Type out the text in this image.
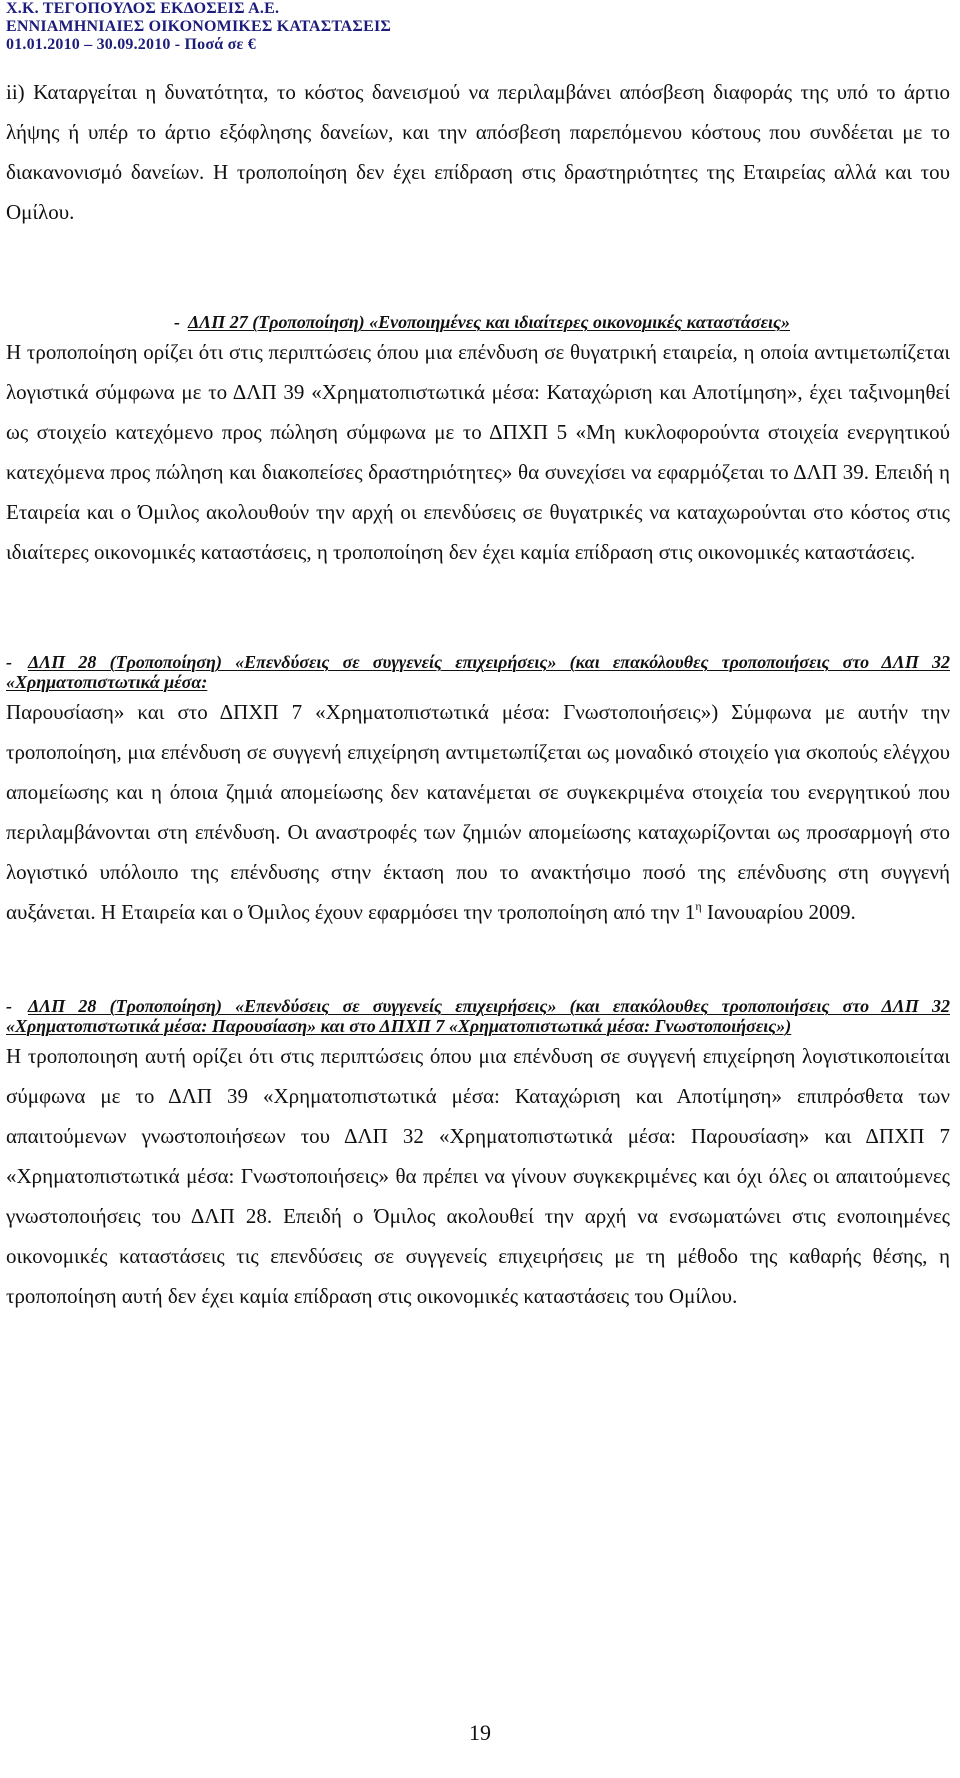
Χ.Κ. ΤΕΓΟΠΟΥΛΟΣ ΕΚΔΟΣΕΙΣ Α.Ε.
ΕΝΝΙΑΜΗΝΙΑΙΕΣ ΟΙΚΟΝΟΜΙΚΕΣ ΚΑΤΑΣΤΑΣΕΙΣ
01.01.2010 – 30.09.2010 - Ποσά σε €

ii) Καταργείται η δυνατότητα, το κόστος δανεισμού να περιλαμβάνει απόσβεση διαφοράς της υπό το άρτιο λήψης ή υπέρ το άρτιο εξόφλησης δανείων, και την απόσβεση παρεπόμενου κόστους που συνδέεται με το διακανονισμό δανείων. Η τροποποίηση δεν έχει επίδραση στις δραστηριότητες της Εταιρείας αλλά και του Ομίλου.

- ΔΛΠ 27 (Τροποποίηση) «Ενοποιημένες και ιδιαίτερες οικονομικές καταστάσεις»

Η τροποποίηση ορίζει ότι στις περιπτώσεις όπου μια επένδυση σε θυγατρική εταιρεία, η οποία αντιμετωπίζεται λογιστικά σύμφωνα με το ΔΛΠ 39 «Χρηματοπιστωτικά μέσα: Καταχώριση και Αποτίμηση», έχει ταξινομηθεί ως στοιχείο κατεχόμενο προς πώληση σύμφωνα με το ΔΠΧΠ 5 «Μη κυκλοφορούντα στοιχεία ενεργητικού κατεχόμενα προς πώληση και διακοπείσες δραστηριότητες» θα συνεχίσει να εφαρμόζεται το ΔΛΠ 39. Επειδή η Εταιρεία και ο Όμιλος ακολουθούν την αρχή οι επενδύσεις σε θυγατρικές να καταχωρούνται στο κόστος στις ιδιαίτερες οικονομικές καταστάσεις, η τροποποίηση δεν έχει καμία επίδραση στις οικονομικές καταστάσεις.

- ΔΛΠ 28 (Τροποποίηση) «Επενδύσεις σε συγγενείς επιχειρήσεις» (και επακόλουθες τροποποιήσεις στο ΔΛΠ 32 «Χρηματοπιστωτικά μέσα:

Παρουσίαση» και στο ΔΠΧΠ 7 «Χρηματοπιστωτικά μέσα: Γνωστοποιήσεις») Σύμφωνα με αυτήν την τροποποίηση, μια επένδυση σε συγγενή επιχείρηση αντιμετωπίζεται ως μοναδικό στοιχείο για σκοπούς ελέγχου απομείωσης και η όποια ζημιά απομείωσης δεν κατανέμεται σε συγκεκριμένα στοιχεία του ενεργητικού που περιλαμβάνονται στη επένδυση. Οι αναστροφές των ζημιών απομείωσης καταχωρίζονται ως προσαρμογή στο λογιστικό υπόλοιπο της επένδυσης στην έκταση που το ανακτήσιμο ποσό της επένδυσης στη συγγενή αυξάνεται. Η Εταιρεία και ο Όμιλος έχουν εφαρμόσει την τροποποίηση από την $1^\eta$ Ιανουαρίου 2009.

- ΔΛΠ 28 (Τροποποίηση) «Επενδύσεις σε συγγενείς επιχειρήσεις» (και επακόλουθες τροποποιήσεις στο ΔΛΠ 32 «Χρηματοπιστωτικά μέσα: Παρουσίαση» και στο ΔΠΧΠ 7 «Χρηματοπιστωτικά μέσα: Γνωστοποιήσεις»)

Η τροποποιηση αυτή ορίζει ότι στις περιπτώσεις όπου μια επένδυση σε συγγενή επιχείρηση λογιστικοποιείται σύμφωνα με το ΔΛΠ 39 «Χρηματοπιστωτικά μέσα: Καταχώριση και Αποτίμηση» επιπρόσθετα των απαιτούμενων γνωστοποιήσεων του ΔΛΠ 32 «Χρηματοπιστωτικά μέσα: Παρουσίαση» και ΔΠΧΠ 7 «Χρηματοπιστωτικά μέσα: Γνωστοποιήσεις» θα πρέπει να γίνουν συγκεκριμένες και όχι όλες οι απαιτούμενες γνωστοποιήσεις του ΔΛΠ 28. Επειδή ο Όμιλος ακολουθεί την αρχή να ενσωματώνει στις ενοποιημένες οικονομικές καταστάσεις τις επενδύσεις σε συγγενείς επιχειρήσεις με τη μέθοδο της καθαρής θέσης, η τροποποίηση αυτή δεν έχει καμία επίδραση στις οικονομικές καταστάσεις του Ομίλου.

19
